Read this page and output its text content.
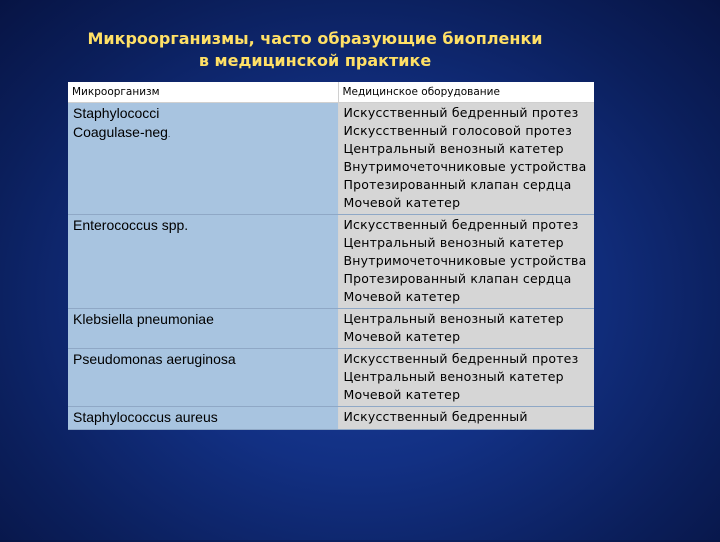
Микроорганизмы, часто образующие биопленки
в медицинской практике
Микроорганизм	Медицинское оборудование

Staphylococci
Coagulase-neg.	Искусственный бедренный протез Искусственный голосовой протез Центральный венозный катетер Внутримочеточниковые устройства Протезированный клапан сердца Мочевой катетер

Enterococcus spp.	Искусственный бедренный протез Центральный венозный катетер Внутримочеточниковые устройства Протезированный клапан сердца Мочевой катетер

Klebsiella pneumoniae	Центральный венозный катетер Мочевой катетер

Pseudomonas aeruginosa	Искусственный бедренный протез Центральный венозный катетер Мочевой катетер

Staphylococcus aureus	Искусственный бедренный
